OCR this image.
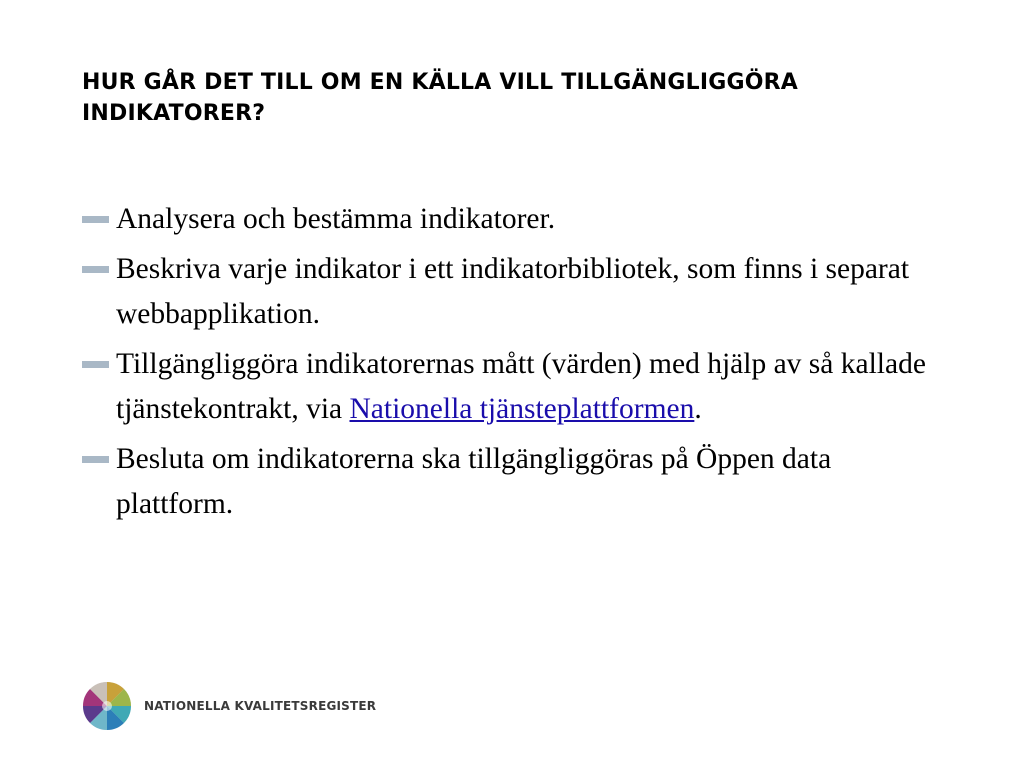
HUR GÅR DET TILL OM EN KÄLLA VILL TILLGÄNGLIGGÖRA
INDIKATORER?
Analysera och bestämma indikatorer.
Beskriva varje indikator i ett indikatorbibliotek, som finns i separat webbapplikation.
Tillgängliggöra indikatorernas mått (värden) med hjälp av så kallade tjänstekontrakt, via Nationella tjänsteplattformen.
Besluta om indikatorerna ska tillgängliggöras på Öppen data plattform.
NATIONELLA KVALITETSREGISTER
